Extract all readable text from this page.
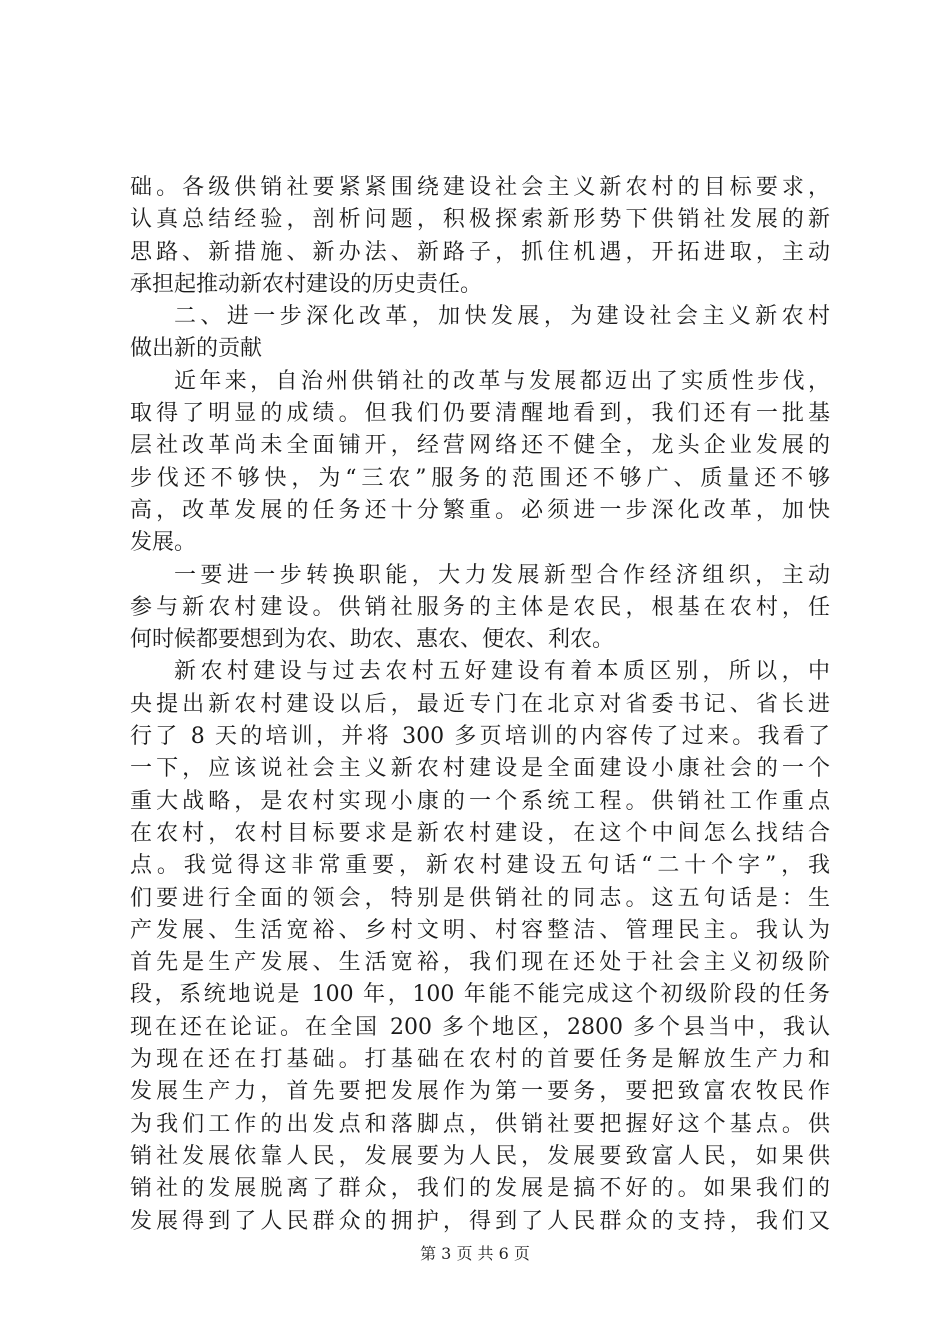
础。各级供销社要紧紧围绕建设社会主义新农村的目标要求，
认真总结经验，剖析问题，积极探索新形势下供销社发展的新
思路、新措施、新办法、新路子，抓住机遇，开拓进取，主动
承担起推动新农村建设的历史责任。
二、进一步深化改革，加快发展，为建设社会主义新农村
做出新的贡献
近年来，自治州供销社的改革与发展都迈出了实质性步伐，
取得了明显的成绩。但我们仍要清醒地看到，我们还有一批基
层社改革尚未全面铺开，经营网络还不健全，龙头企业发展的
步伐还不够快，为“三农”服务的范围还不够广、质量还不够
高，改革发展的任务还十分繁重。必须进一步深化改革，加快
发展。
一要进一步转换职能，大力发展新型合作经济组织，主动
参与新农村建设。供销社服务的主体是农民，根基在农村，任
何时候都要想到为农、助农、惠农、便农、利农。
新农村建设与过去农村五好建设有着本质区别，所以，中
央提出新农村建设以后，最近专门在北京对省委书记、省长进
行了 8 天的培训，并将 300 多页培训的内容传了过来。我看了
一下，应该说社会主义新农村建设是全面建设小康社会的一个
重大战略，是农村实现小康的一个系统工程。供销社工作重点
在农村，农村目标要求是新农村建设，在这个中间怎么找结合
点。我觉得这非常重要，新农村建设五句话“二十个字”，我
们要进行全面的领会，特别是供销社的同志。这五句话是：生
产发展、生活宽裕、乡村文明、村容整洁、管理民主。我认为
首先是生产发展、生活宽裕，我们现在还处于社会主义初级阶
段，系统地说是 100 年，100 年能不能完成这个初级阶段的任务
现在还在论证。在全国 200 多个地区，2800 多个县当中，我认
为现在还在打基础。打基础在农村的首要任务是解放生产力和
发展生产力，首先要把发展作为第一要务，要把致富农牧民作
为我们工作的出发点和落脚点，供销社要把握好这个基点。供
销社发展依靠人民，发展要为人民，发展要致富人民，如果供
销社的发展脱离了群众，我们的发展是搞不好的。如果我们的
发展得到了人民群众的拥护，得到了人民群众的支持，我们又
第 3 页 共 6 页
